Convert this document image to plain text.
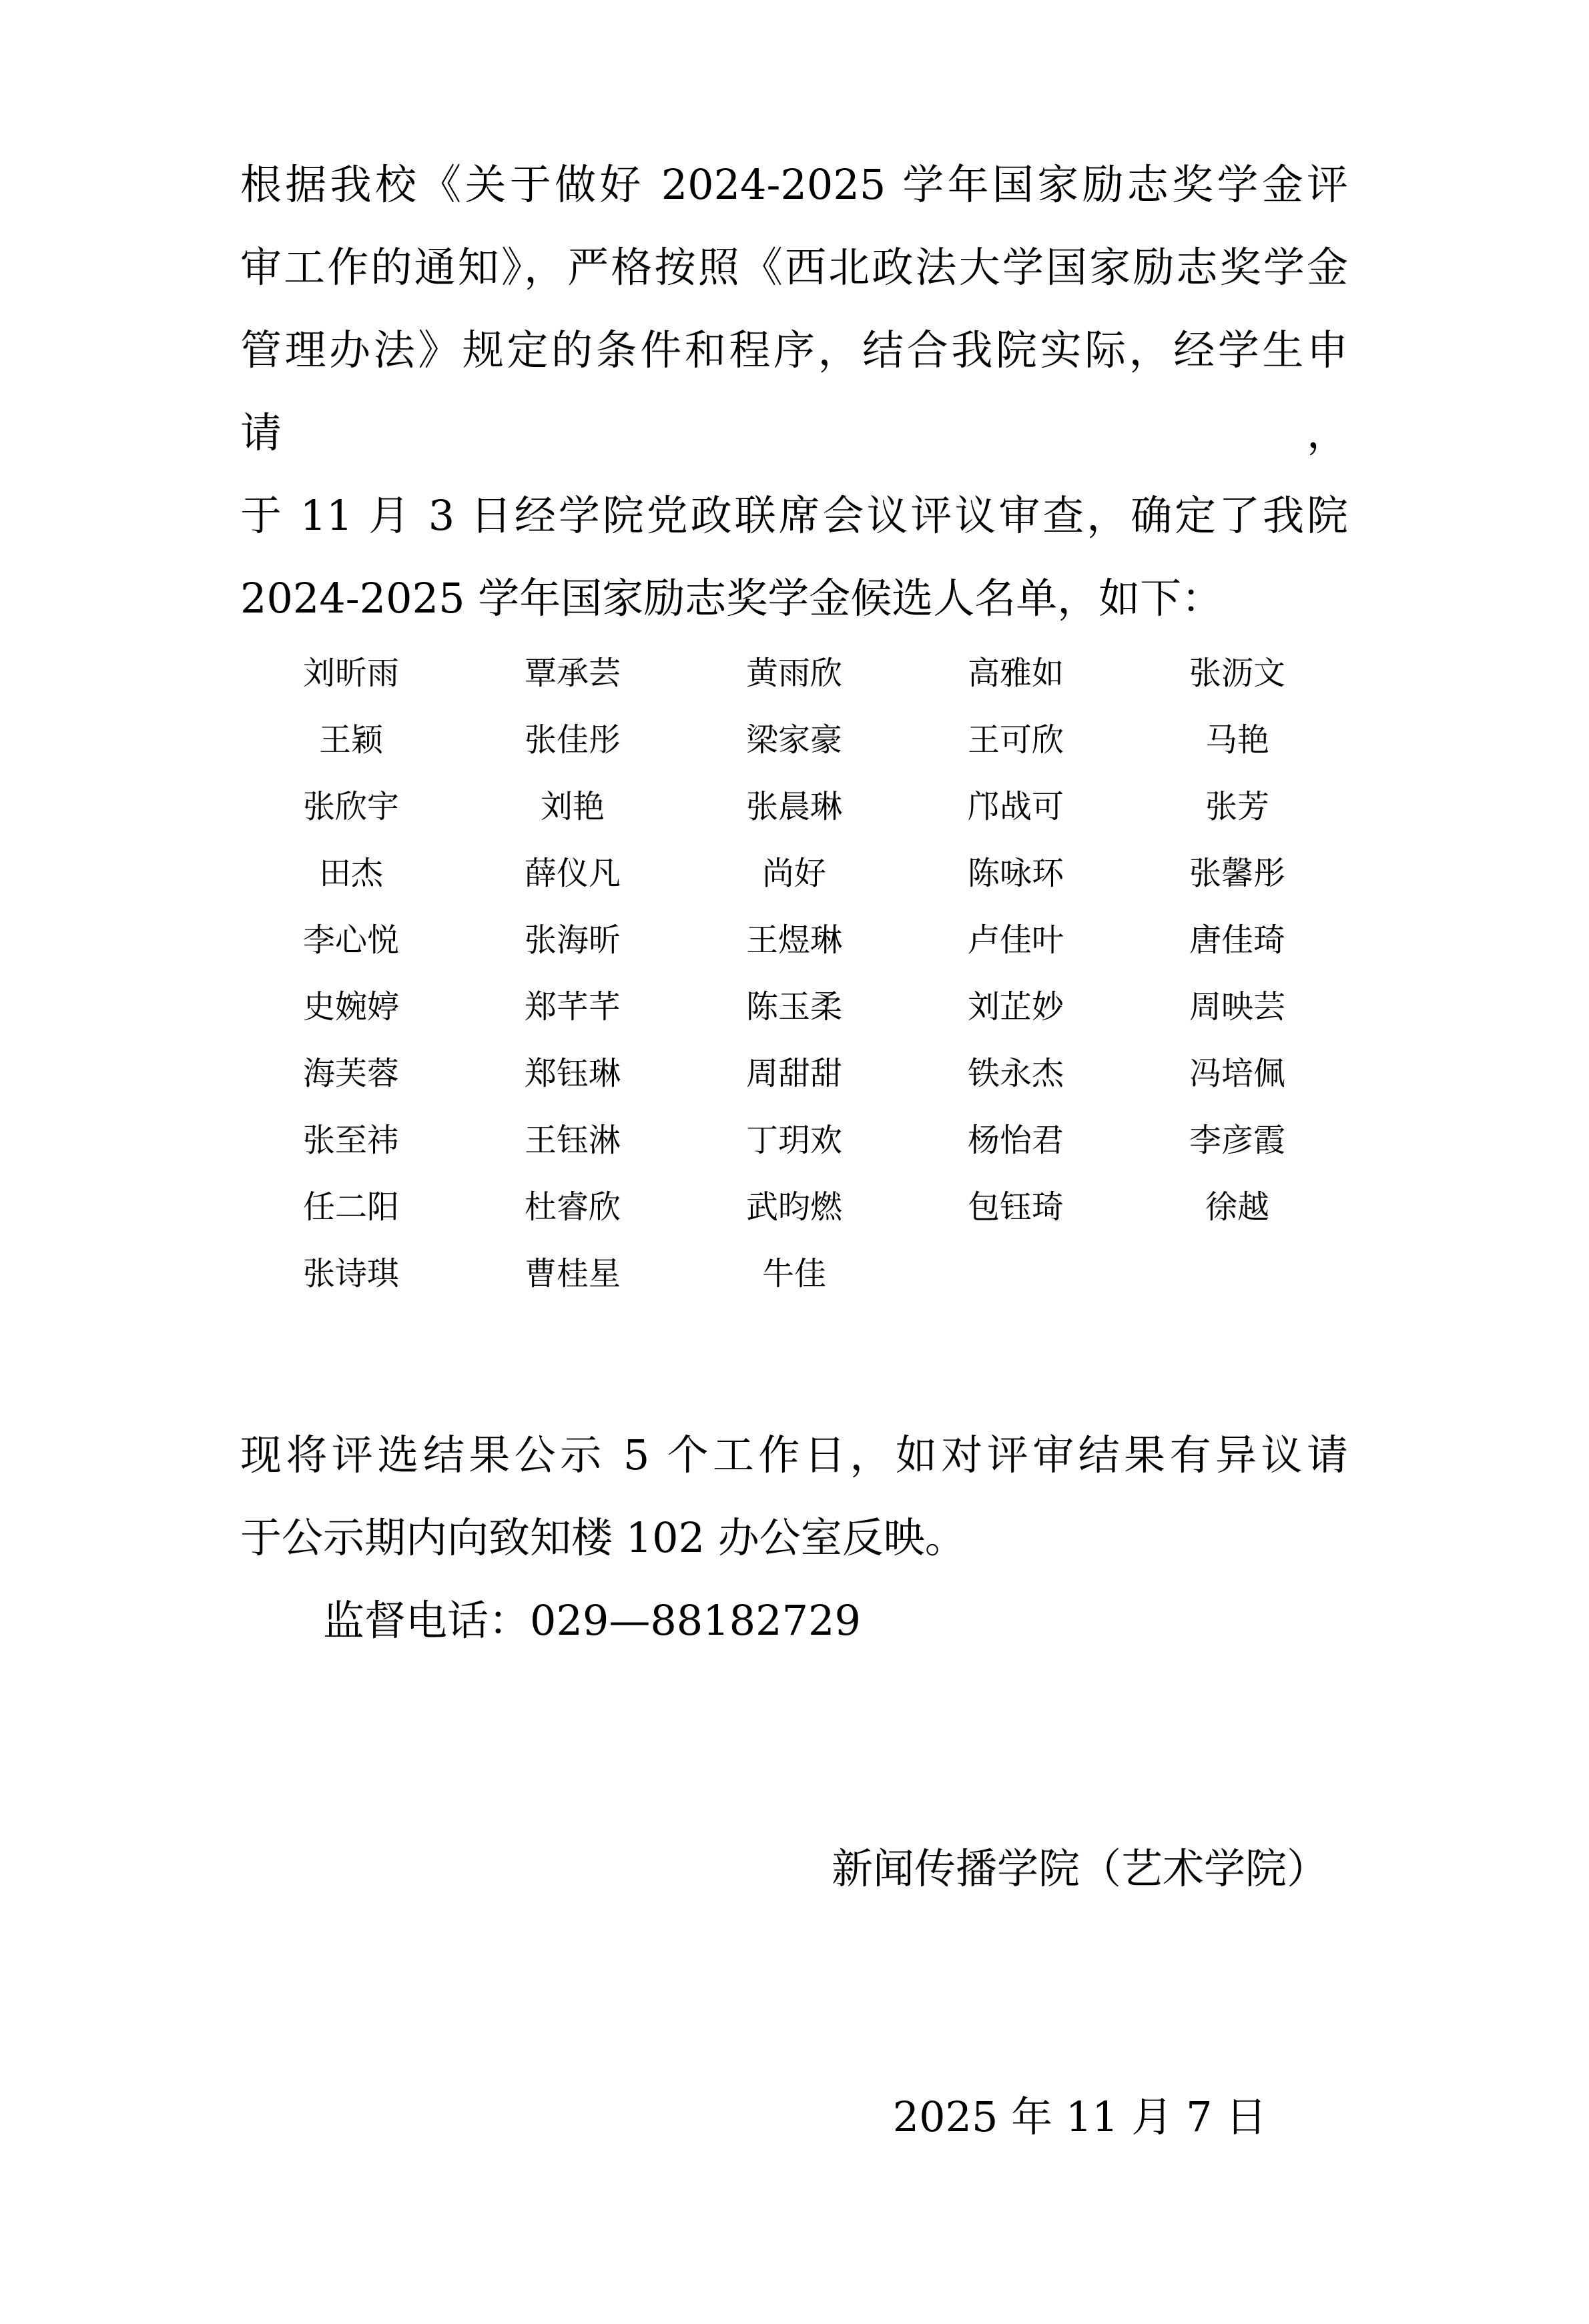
根据我校《关于做好 2024-2025 学年国家励志奖学金评
审工作的通知》，严格按照《西北政法大学国家励志奖学金
管理办法》规定的条件和程序，结合我院实际，经学生申请，
于 11 月 3 日经学院党政联席会议评议审查，确定了我院
2024-2025 学年国家励志奖学金候选人名单，如下：
刘昕雨	覃承芸	黄雨欣	高雅如	张沥文
王颖	张佳彤	梁家豪	王可欣	马艳
张欣宇	刘艳	张晨琳	邝战可	张芳
田杰	薛仪凡	尚好	陈咏环	张馨彤
李心悦	张海昕	王煜琳	卢佳叶	唐佳琦
史婉婷	郑芊芊	陈玉柔	刘芷妙	周映芸
海芙蓉	郑钰琳	周甜甜	铁永杰	冯培佩
张至祎	王钰淋	丁玥欢	杨怡君	李彦霞
任二阳	杜睿欣	武昀燃	包钰琦	徐越
张诗琪	曹桂星	牛佳
现将评选结果公示 5 个工作日，如对评审结果有异议请
于公示期内向致知楼 102 办公室反映。
监督电话：029—88182729

新闻传播学院（艺术学院）

2025 年 11 月 7 日
